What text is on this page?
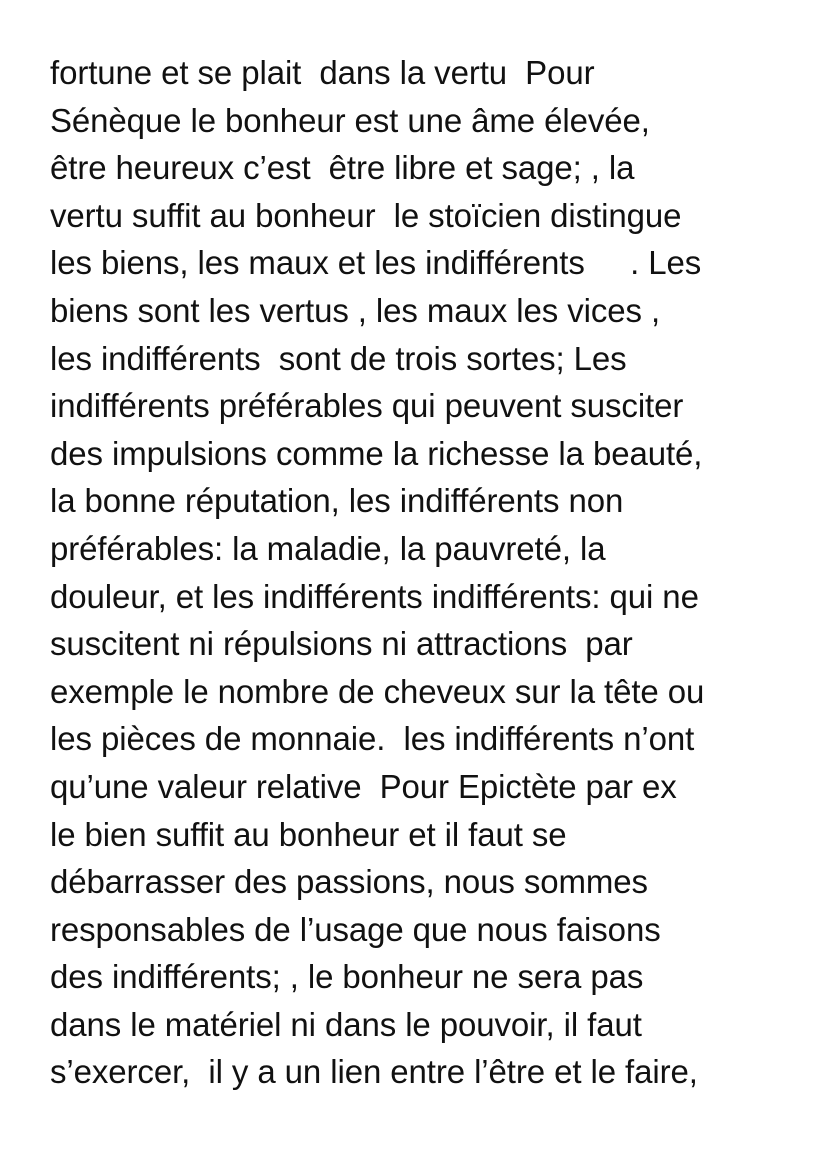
fortune et se plait  dans la vertu  Pour
Sénèque le bonheur est une âme élevée,
être heureux c’est  être libre et sage; , la
vertu suffit au bonheur  le stoïcien distingue
les biens, les maux et les indifférents     . Les
biens sont les vertus , les maux les vices ,
les indifférents  sont de trois sortes; Les
indifférents préférables qui peuvent susciter
des impulsions comme la richesse la beauté,
la bonne réputation, les indifférents non
préférables: la maladie, la pauvreté, la
douleur, et les indifférents indifférents: qui ne
suscitent ni répulsions ni attractions  par
exemple le nombre de cheveux sur la tête ou
les pièces de monnaie.  les indifférents n’ont
qu’une valeur relative  Pour Epictète par ex
le bien suffit au bonheur et il faut se
débarrasser des passions, nous sommes
responsables de l’usage que nous faisons
des indifférents; , le bonheur ne sera pas
dans le matériel ni dans le pouvoir, il faut
s’exercer,  il y a un lien entre l’être et le faire,
